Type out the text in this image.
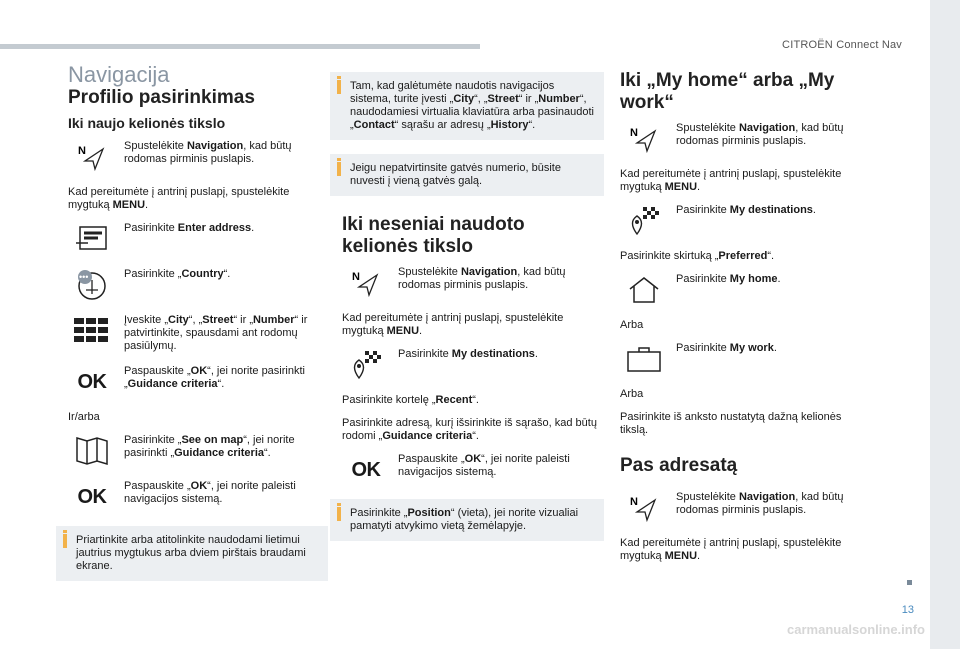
CITROËN Connect Nav
13
carmanualsonline.info
Navigacija
Profilio pasirinkimas
Iki naujo kelionės tikslo
N	Spustelėkite Navigation, kad būtų rodomas pirminis puslapis.
Kad pereitumėte į antrinį puslapį, spustelėkite mygtuką MENU.
Pasirinkite Enter address.
•••	Pasirinkite „Country“.
Įveskite „City“, „Street“ ir „Number“ ir patvirtinkite, spausdami ant rodomų pasiūlymų.
OK Paspauskite „OK“, jei norite pasirinkti „Guidance criteria“.
Ir/arba
Pasirinkite „See on map“, jei norite pasirinkti „Guidance criteria“.
OK Paspauskite „OK“, jei norite paleisti navigacijos sistemą.
Priartinkite arba atitolinkite naudodami lietimui jautrius mygtukus arba dviem pirštais braudami ekrane.
Tam, kad galėtumėte naudotis navigacijos sistema, turite įvesti „City“, „Street“ ir „Number“, naudodamiesi virtualia klaviatūra arba pasinaudoti „Contact“ sąrašu ar adresų „History“.
Jeigu nepatvirtinsite gatvės numerio, būsite nuvesti į vieną gatvės galą.
Iki neseniai naudoto kelionės tikslo
N	Spustelėkite Navigation, kad būtų rodomas pirminis puslapis.
Kad pereitumėte į antrinį puslapį, spustelėkite mygtuką MENU.
Pasirinkite My destinations.
Pasirinkite kortelę „Recent“.
Pasirinkite adresą, kurį išsirinkite iš sąrašo, kad būtų rodomi „Guidance criteria“.
OK Paspauskite „OK“, jei norite paleisti navigacijos sistemą.
Pasirinkite „Position“ (vieta), jei norite vizualiai pamatyti atvykimo vietą žemėlapyje.
Iki „My home“ arba „My work“
N	Spustelėkite Navigation, kad būtų rodomas pirminis puslapis.
Kad pereitumėte į antrinį puslapį, spustelėkite mygtuką MENU.
Pasirinkite My destinations.
Pasirinkite skirtuką „Preferred“.
Pasirinkite My home.
Arba
Pasirinkite My work.
Arba
Pasirinkite iš anksto nustatytą dažną kelionės tikslą.
Pas adresatą
N	Spustelėkite Navigation, kad būtų rodomas pirminis puslapis.
Kad pereitumėte į antrinį puslapį, spustelėkite mygtuką MENU.
